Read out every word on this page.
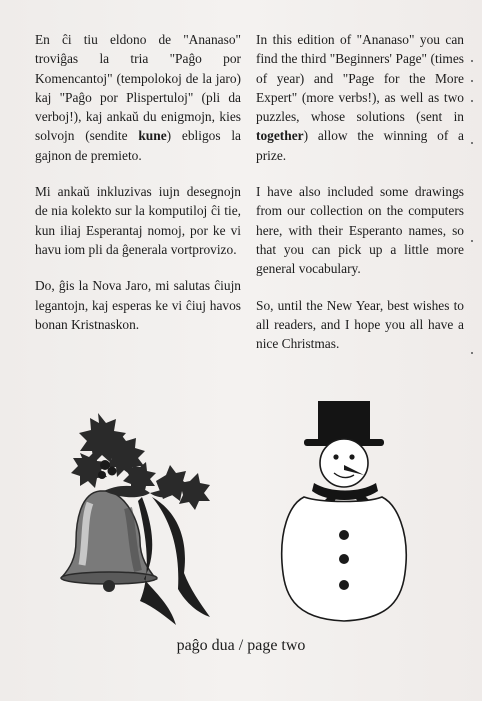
En ĉi tiu eldono de "Ananaso" troviĝas la tria "Paĝo por Komencantoj" (tempolokoj de la jaro) kaj "Paĝo por Plispertuloj" (pli da verboj!), kaj ankaŭ du enigmojn, kies solvojn (sendite kune) ebligos la gajnon de premieto.

Mi ankaŭ inkluzivas iujn desegnojn de nia kolekto sur la komputiloj ĉi tie, kun iliaj Esperantaj nomoj, por ke vi havu iom pli da ĝenerala vortprovizo.

Do, ĝis la Nova Jaro, mi salutas ĉiujn legantojn, kaj esperas ke vi ĉiuj havos bonan Kristnaskon.

In this edition of "Ananaso" you can find the third "Beginners' Page" (times of year) and "Page for the More Expert" (more verbs!), as well as two puzzles, whose solutions (sent in together) allow the winning of a prize.

I have also included some drawings from our collection on the computers here, with their Esperanto names, so that you can pick up a little more general vocabulary.

So, until the New Year, best wishes to all readers, and I hope you all have a nice Christmas.

paĝo dua / page two
